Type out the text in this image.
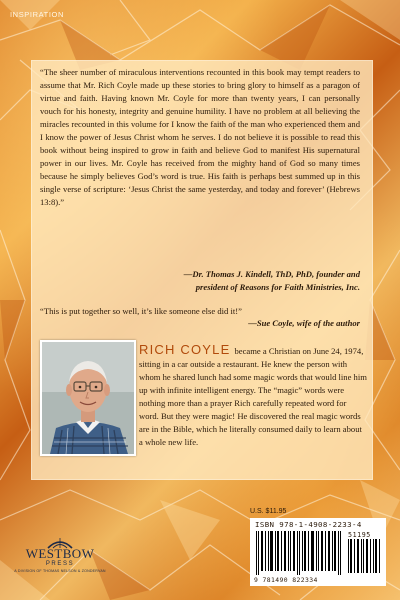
INSPIRATION
“The sheer number of miraculous interventions recounted in this book may tempt readers to assume that Mr. Rich Coyle made up these stories to bring glory to himself as a paragon of virtue and faith. Having known Mr. Coyle for more than twenty years, I can personally vouch for his honesty, integrity and genuine humility. I have no problem at all believing the miracles recounted in this volume for I know the faith of the man who experienced them and I know the power of Jesus Christ whom he serves. I do not believe it is possible to read this book without being inspired to grow in faith and believe God to manifest His supernatural power in our lives. Mr. Coyle has received from the mighty hand of God so many times because he simply believes God’s word is true. His faith is perhaps best summed up in this single verse of scripture: ‘Jesus Christ the same yesterday, and today and forever’ (Hebrews 13:8).”
—Dr. Thomas J. Kindell, ThD, PhD, founder and
president of Reasons for Faith Ministries, Inc.
“This is put together so well, it’s like someone else did it!”
—Sue Coyle, wife of the author
RICH COYLE became a Christian on June 24, 1974, sitting in a car outside a restaurant. He knew the person with whom he shared lunch had some magic words that would line him up with infinite intelligent energy. The “magic” words were nothing more than a prayer Rich carefully repeated word for word. But they were magic! He discovered the real magic words are in the Bible, which he literally consumed daily to learn about a whole new life.
U.S. $11.95
ISBN 978-1-4908-2233-4
51195
9 781490 822334
WESTBOW
PRESS
A DIVISION OF THOMAS NELSON & ZONDERVAN
